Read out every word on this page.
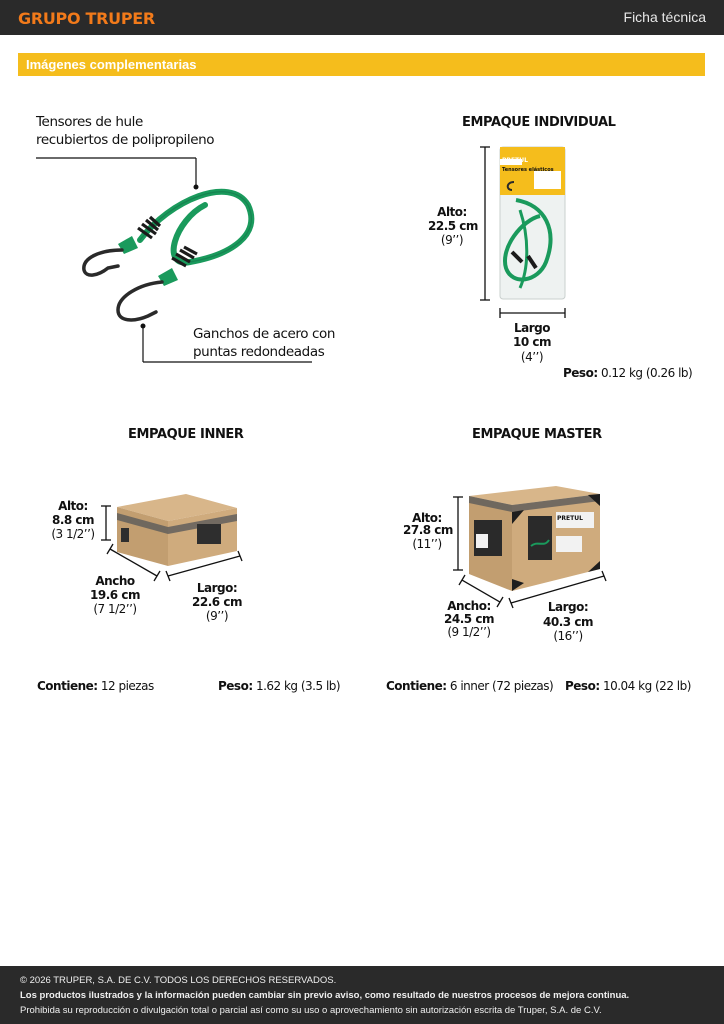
GRUPO TRUPER	Ficha técnica
Imágenes complementarias
Tensores de hule
recubiertos de polipropileno
Ganchos de acero con
puntas redondeadas
EMPAQUE INDIVIDUAL
PRETUL
Tensores elásticos
Alto:
22.5 cm
(9’’)
Largo
10 cm
(4’’)
Peso: 0.12 kg (0.26 lb)
EMPAQUE INNER
Alto:
8.8 cm
(3 1/2’’)
Ancho
19.6 cm
(7 1/2’’)
Largo:
22.6 cm
(9’’)
Contiene: 12 piezas	Peso: 1.62 kg (3.5 lb)
EMPAQUE MASTER
PRETUL
Alto:
27.8 cm
(11’’)
Ancho:
24.5 cm
(9 1/2’’)
Largo:
40.3 cm
(16’’)
Contiene: 6 inner (72 piezas) Peso: 10.04 kg (22 lb)
© 2026 TRUPER, S.A. DE C.V. TODOS LOS DERECHOS RESERVADOS.
Los productos ilustrados y la información pueden cambiar sin previo aviso, como resultado de nuestros procesos de mejora continua.
Prohibida su reproducción o divulgación total o parcial así como su uso o aprovechamiento sin autorización escrita de Truper, S.A. de C.V.
